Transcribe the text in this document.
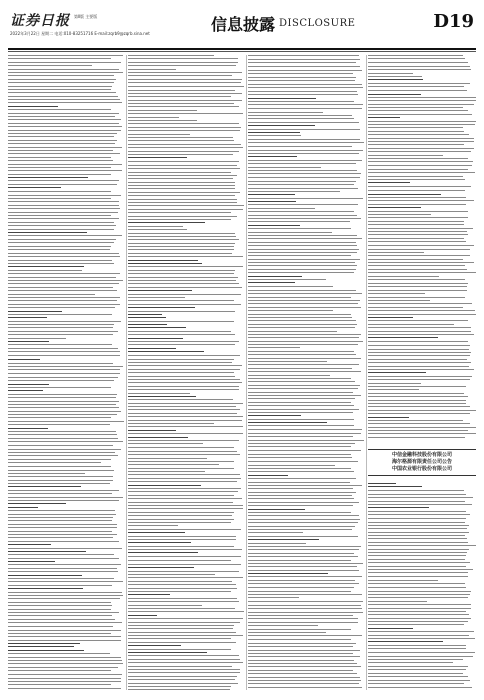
证券日报 第Ⅱ版 主要版
2022年3月22日 星期二 电话:010-83251716 E-mail:zqrb9@zqrb.sina.net	信息披露 DISCLOSURE	D19
中信金融科技股份有限公司
海尔格源有限责任公司公告
中国农业银行股份有限公司
